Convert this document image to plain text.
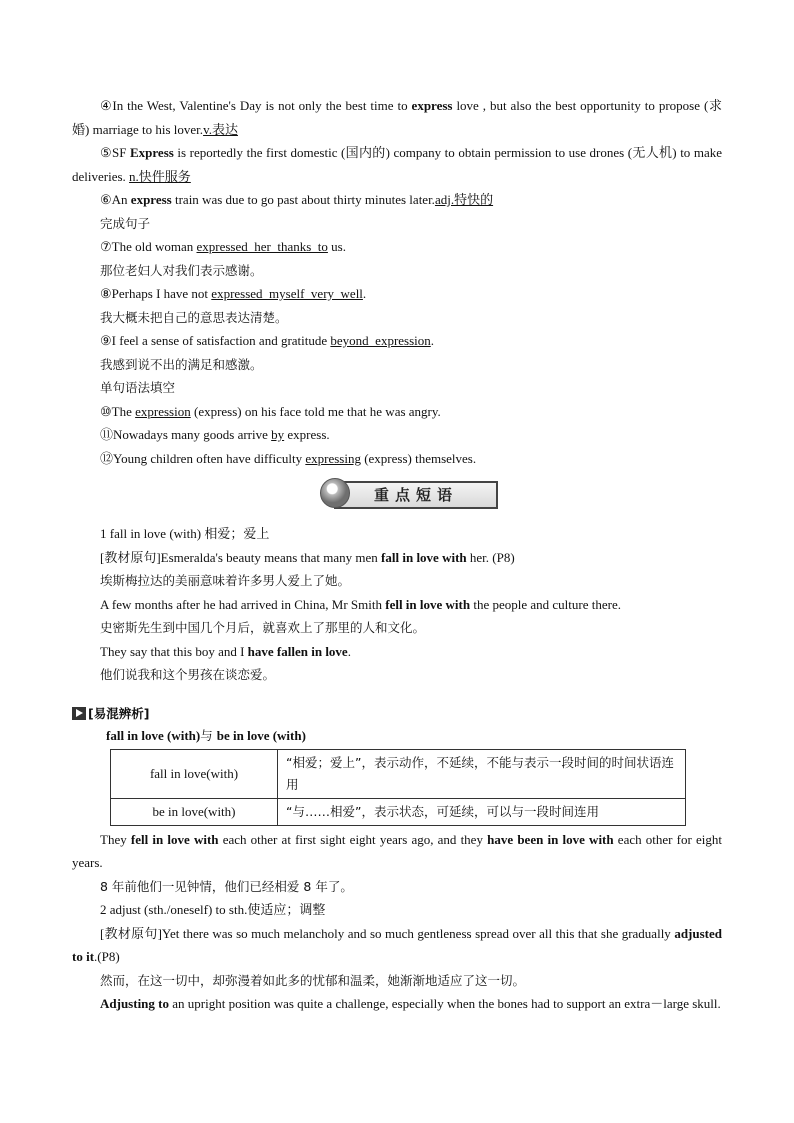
④In the West, Valentine's Day is not only the best time to express love , but also the best opportunity to propose (求婚) marriage to his lover.v.表达

⑤SF Express is reportedly the first domestic (国内的) company to obtain permission to use drones (无人机) to make deliveries. n.快件服务

⑥An express train was due to go past about thirty minutes later.adj.特快的

完成句子

⑦The old woman expressed  her  thanks  to us.

那位老妇人对我们表示感谢。

⑧Perhaps I have not expressed  myself  very  well.

我大概未把自己的意思表达清楚。

⑨I feel a sense of satisfaction and gratitude beyond  expression.

我感到说不出的满足和感激。

单句语法填空

⑩The expression (express) on his face told me that he was angry.

⑪Nowadays many goods arrive by express.

⑫Young children often have difficulty expressing (express) themselves.

重点短语

1 fall in love (with) 相爱；爱上

[教材原句]Esmeralda's beauty means that many men fall in love with her. (P8)

埃斯梅拉达的美丽意味着许多男人爱上了她。

A few months after he had arrived in China, Mr Smith fell in love with the people and culture there.

史密斯先生到中国几个月后，就喜欢上了那里的人和文化。

They say that this boy and I have fallen in love.

他们说我和这个男孩在谈恋爱。

[易混辨析]
fall in love (with)与 be in love (with)
fall in love(with)	“相爱；爱上”，表示动作，不延续，不能与表示一段时间的时间状语连用
be in love(with)	“与……相爱”，表示状态，可延续，可以与一段时间连用

They fell in love with each other at first sight eight years ago, and they have been in love with each other for eight years.

8 年前他们一见钟情，他们已经相爱 8 年了。

2 adjust (sth./oneself) to sth.使适应；调整

[教材原句]Yet there was so much melancholy and so much gentleness spread over all this that she gradually adjusted to it.(P8)

然而，在这一切中，却弥漫着如此多的忧郁和温柔，她渐渐地适应了这一切。

Adjusting to an upright position was quite a challenge, especially when the bones had to support an extra－large skull.
